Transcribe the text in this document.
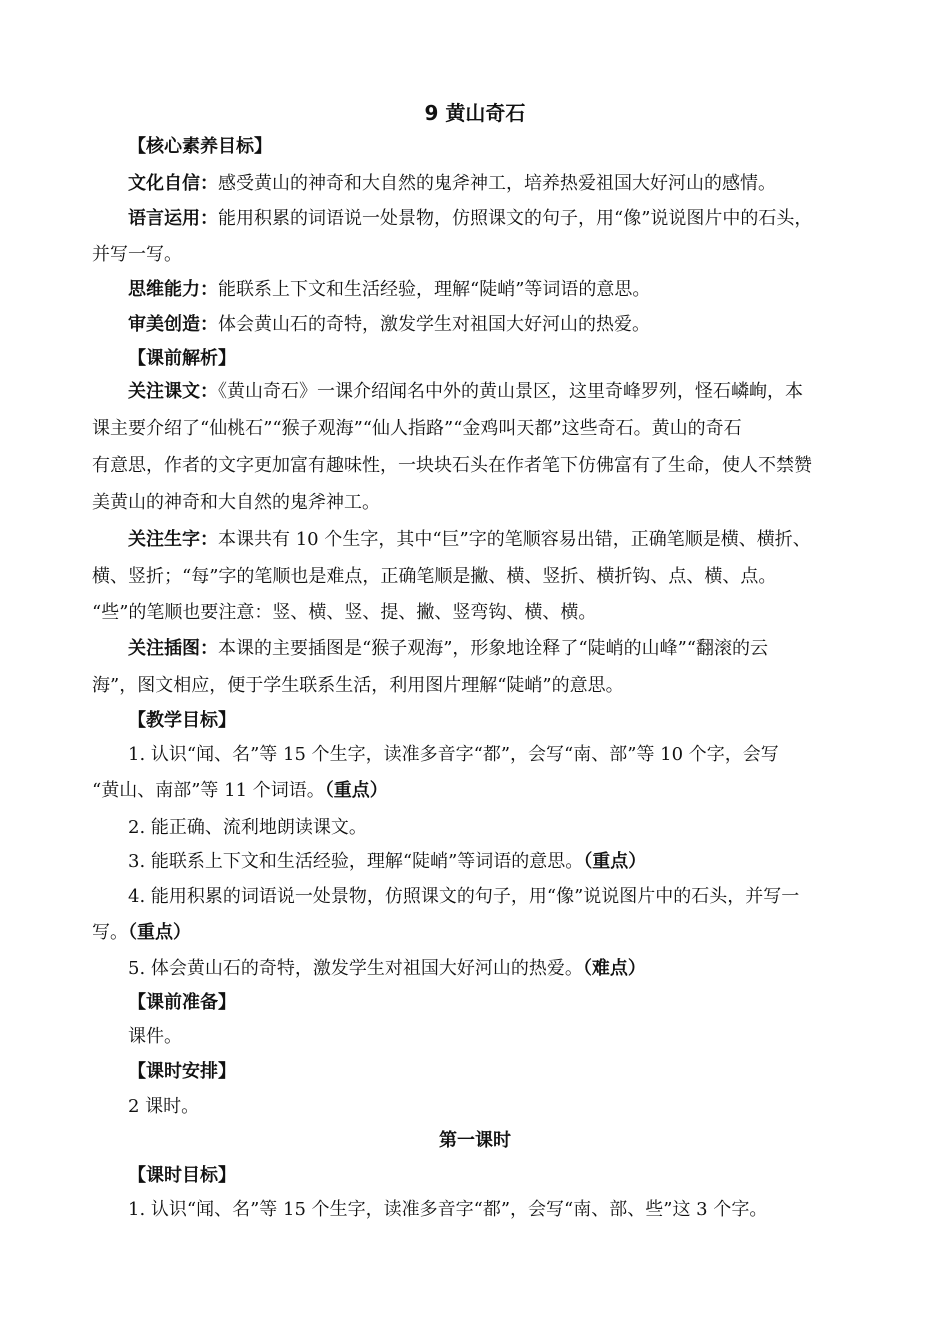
9 黄山奇石

【核心素养目标】

文化自信：感受黄山的神奇和大自然的鬼斧神工，培养热爱祖国大好河山的感情。

语言运用：能用积累的词语说一处景物，仿照课文的句子，用“像”说说图片中的石头，

并写一写。

思维能力：能联系上下文和生活经验，理解“陡峭”等词语的意思。

审美创造：体会黄山石的奇特，激发学生对祖国大好河山的热爱。

【课前解析】

关注课文：《黄山奇石》一课介绍闻名中外的黄山景区，这里奇峰罗列，怪石嶙峋，本

课主要介绍了“仙桃石”“猴子观海”“仙人指路”“金鸡叫天都”这些奇石。黄山的奇石

有意思，作者的文字更加富有趣味性，一块块石头在作者笔下仿佛富有了生命，使人不禁赞

美黄山的神奇和大自然的鬼斧神工。

关注生字：本课共有 10 个生字，其中“巨”字的笔顺容易出错，正确笔顺是横、横折、

横、竖折；“每”字的笔顺也是难点，正确笔顺是撇、横、竖折、横折钩、点、横、点。

“些”的笔顺也要注意：竖、横、竖、提、撇、竖弯钩、横、横。

关注插图：本课的主要插图是“猴子观海”，形象地诠释了“陡峭的山峰”“翻滚的云

海”，图文相应，便于学生联系生活，利用图片理解“陡峭”的意思。

【教学目标】

1. 认识“闻、名”等 15 个生字，读准多音字“都”，会写“南、部”等 10 个字，会写

“黄山、南部”等 11 个词语。（重点）

2. 能正确、流利地朗读课文。

3. 能联系上下文和生活经验，理解“陡峭”等词语的意思。（重点）

4. 能用积累的词语说一处景物，仿照课文的句子，用“像”说说图片中的石头，并写一

写。（重点）

5. 体会黄山石的奇特，激发学生对祖国大好河山的热爱。（难点）

【课前准备】

课件。

【课时安排】

2 课时。

第一课时

【课时目标】

1. 认识“闻、名”等 15 个生字，读准多音字“都”，会写“南、部、些”这 3 个字。
